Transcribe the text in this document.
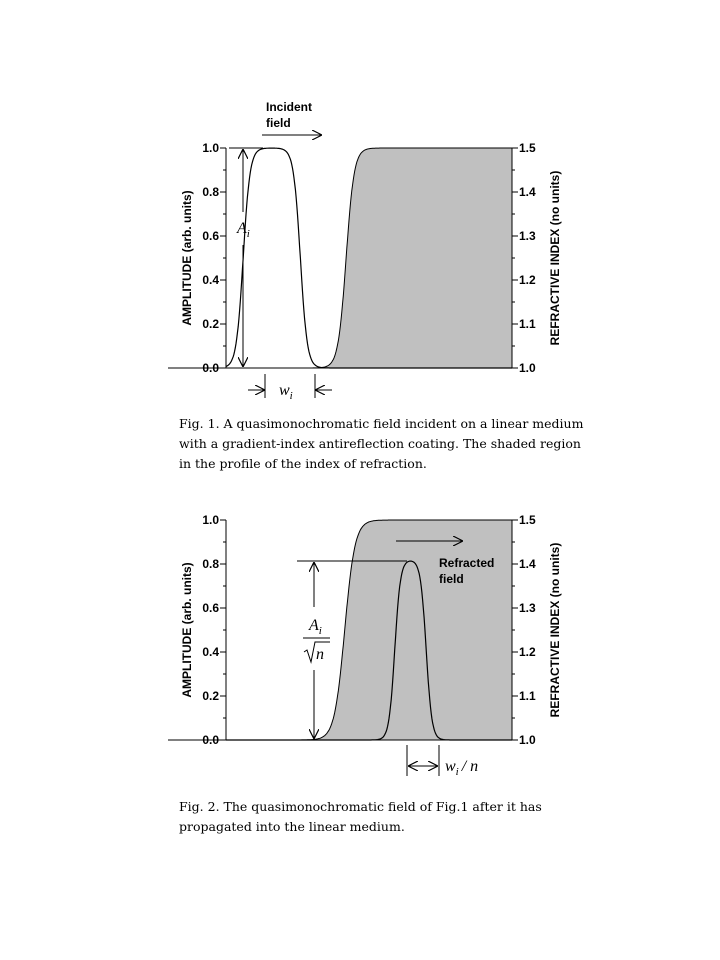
0.0
0.2
0.4
0.6
0.8
1.0
1.0
1.1
1.2
1.3
1.4
1.5
AMPLITUDE (arb. units)	REFRACTIVE INDEX (no units)
Incident
field
$A_i$
$w_i$
0.0
0.2
0.4
0.6
0.8
1.0
1.0
1.1
1.2
1.3
1.4
1.5
AMPLITUDE (arb. units)	REFRACTIVE INDEX (no units)
Refracted
field
$A_i$
n
$w_i$ / n

Fig. 1. A quasimonochromatic field incident on a linear medium with a gradient-index antireflection coating. The shaded region in the profile of the index of refraction.

Fig. 2. The quasimonochromatic field of Fig.1 after it has propagated into the linear medium.
